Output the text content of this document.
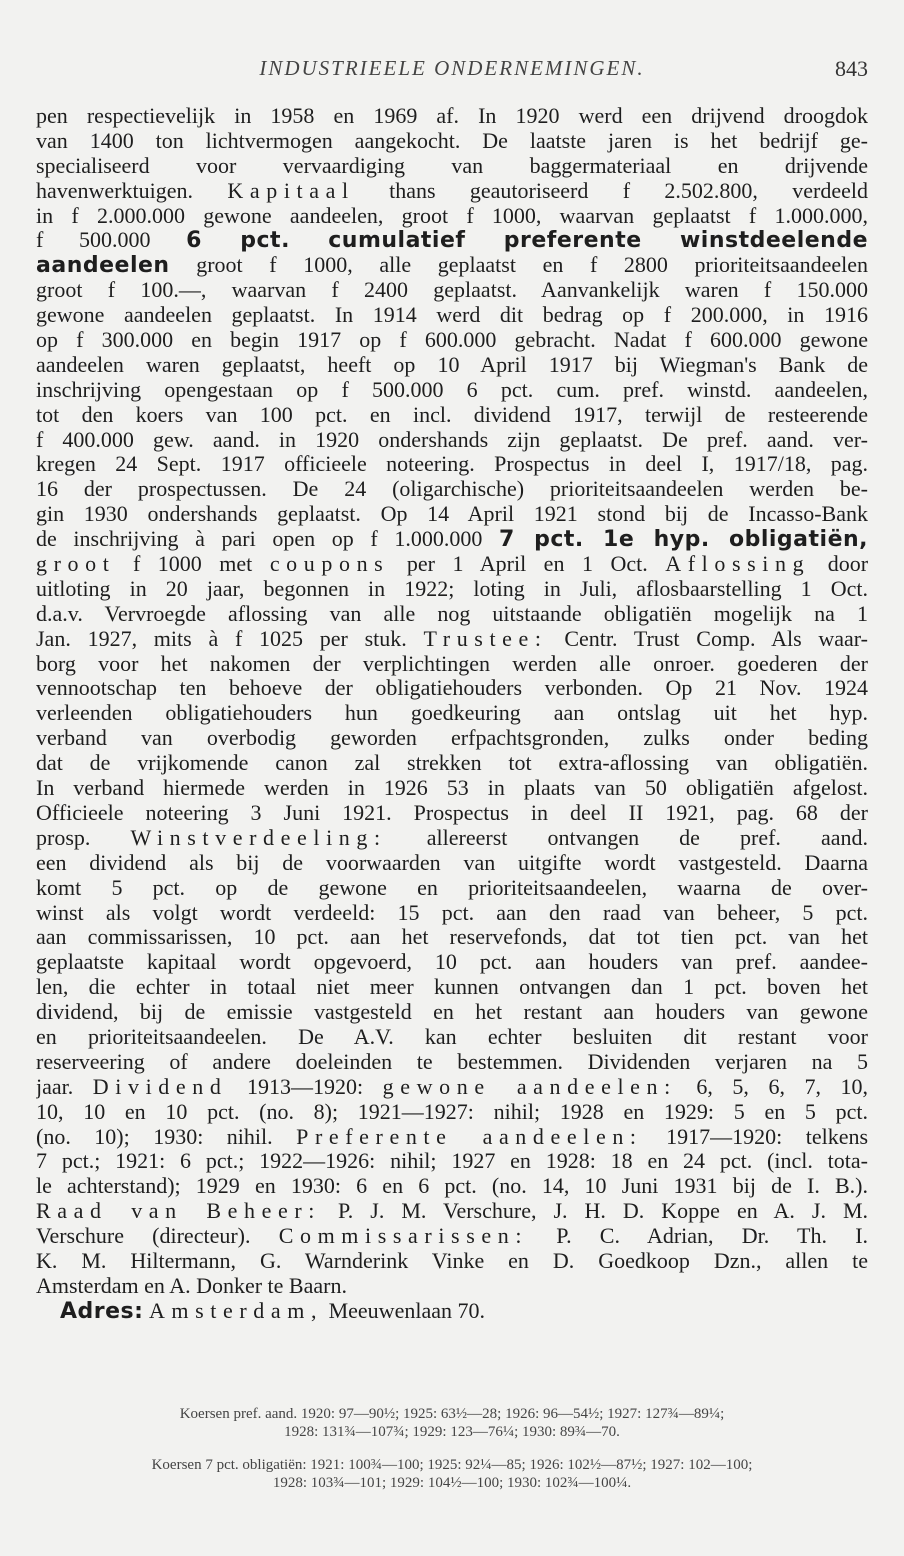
INDUSTRIEELE ONDERNEMINGEN.	843
pen respectievelijk in 1958 en 1969 af. In 1920 werd een drijvend droogdok
van 1400 ton lichtvermogen aangekocht. De laatste jaren is het bedrijf ge-
specialiseerd voor vervaardiging van baggermateriaal en drijvende
havenwerktuigen. Kapitaal thans geautoriseerd f 2.502.800, verdeeld
in f 2.000.000 gewone aandeelen, groot f 1000, waarvan geplaatst f 1.000.000,
f 500.000 6 pct. cumulatief preferente winstdeelende
aandeelen groot f 1000, alle geplaatst en f 2800 prioriteitsaandeelen
groot f 100.—, waarvan f 2400 geplaatst. Aanvankelijk waren f 150.000
gewone aandeelen geplaatst. In 1914 werd dit bedrag op f 200.000, in 1916
op f 300.000 en begin 1917 op f 600.000 gebracht. Nadat f 600.000 gewone
aandeelen waren geplaatst, heeft op 10 April 1917 bij Wiegman's Bank de
inschrijving opengestaan op f 500.000 6 pct. cum. pref. winstd. aandeelen,
tot den koers van 100 pct. en incl. dividend 1917, terwijl de resteerende
f 400.000 gew. aand. in 1920 ondershands zijn geplaatst. De pref. aand. ver-
kregen 24 Sept. 1917 officieele noteering. Prospectus in deel I, 1917/18, pag.
16 der prospectussen. De 24 (oligarchische) prioriteitsaandeelen werden be-
gin 1930 ondershands geplaatst. Op 14 April 1921 stond bij de Incasso-Bank
de inschrijving à pari open op f 1.000.000 7 pct. 1e hyp. obligatiën,
groot f 1000 met coupons per 1 April en 1 Oct. Aflossing door
uitloting in 20 jaar, begonnen in 1922; loting in Juli, aflosbaarstelling 1 Oct.
d.a.v. Vervroegde aflossing van alle nog uitstaande obligatiën mogelijk na 1
Jan. 1927, mits à f 1025 per stuk. Trustee: Centr. Trust Comp. Als waar-
borg voor het nakomen der verplichtingen werden alle onroer. goederen der
vennootschap ten behoeve der obligatiehouders verbonden. Op 21 Nov. 1924
verleenden obligatiehouders hun goedkeuring aan ontslag uit het hyp.
verband van overbodig geworden erfpachtsgronden, zulks onder beding
dat de vrijkomende canon zal strekken tot extra-aflossing van obligatiën.
In verband hiermede werden in 1926 53 in plaats van 50 obligatiën afgelost.
Officieele noteering 3 Juni 1921. Prospectus in deel II 1921, pag. 68 der
prosp. Winstverdeeling: allereerst ontvangen de pref. aand.
een dividend als bij de voorwaarden van uitgifte wordt vastgesteld. Daarna
komt 5 pct. op de gewone en prioriteitsaandeelen, waarna de over-
winst als volgt wordt verdeeld: 15 pct. aan den raad van beheer, 5 pct.
aan commissarissen, 10 pct. aan het reservefonds, dat tot tien pct. van het
geplaatste kapitaal wordt opgevoerd, 10 pct. aan houders van pref. aandee-
len, die echter in totaal niet meer kunnen ontvangen dan 1 pct. boven het
dividend, bij de emissie vastgesteld en het restant aan houders van gewone
en prioriteitsaandeelen. De A.V. kan echter besluiten dit restant voor
reserveering of andere doeleinden te bestemmen. Dividenden verjaren na 5
jaar. Dividend 1913—1920: gewone aandeelen: 6, 5, 6, 7, 10,
10, 10 en 10 pct. (no. 8); 1921—1927: nihil; 1928 en 1929: 5 en 5 pct.
(no. 10); 1930: nihil. Preferente aandeelen: 1917—1920: telkens
7 pct.; 1921: 6 pct.; 1922—1926: nihil; 1927 en 1928: 18 en 24 pct. (incl. tota-
le achterstand); 1929 en 1930: 6 en 6 pct. (no. 14, 10 Juni 1931 bij de I. B.).
Raad van Beheer: P. J. M. Verschure, J. H. D. Koppe en A. J. M.
Verschure (directeur). Commissarissen: P. C. Adrian, Dr. Th. I.
K. M. Hiltermann, G. Warnderink Vinke en D. Goedkoop Dzn., allen te
Amsterdam en A. Donker te Baarn.
Adres: Amsterdam, Meeuwenlaan 70.
Koersen pref. aand. 1920: 97—90½; 1925: 63½—28; 1926: 96—54½; 1927: 127¾—89¼;
1928: 131¾—107¾; 1929: 123—76¼; 1930: 89¾—70.
Koersen 7 pct. obligatiën: 1921: 100¾—100; 1925: 92¼—85; 1926: 102½—87½; 1927: 102—100;
1928: 103¾—101; 1929: 104½—100; 1930: 102¾—100¼.
